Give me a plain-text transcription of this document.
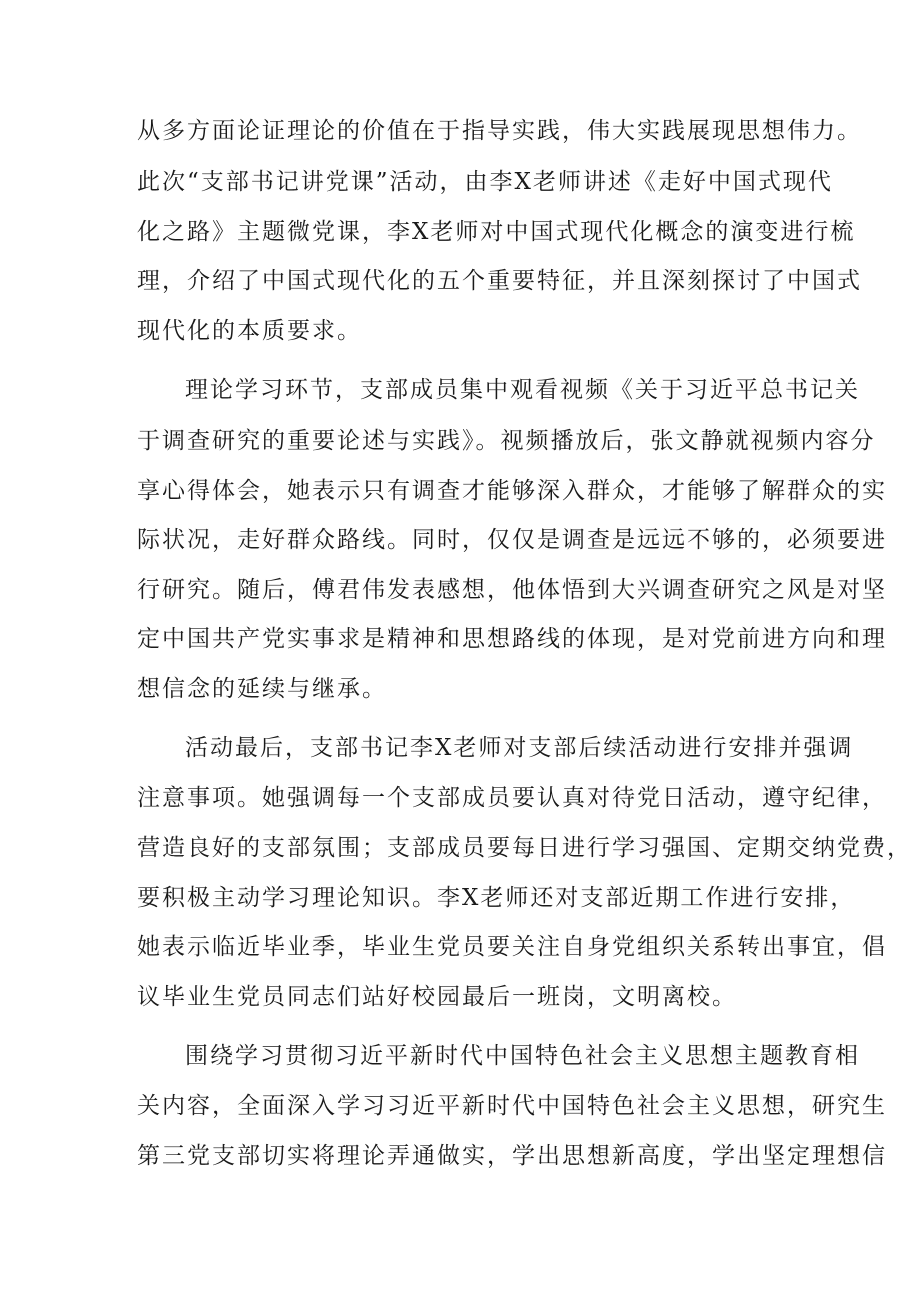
从多方面论证理论的价值在于指导实践，伟大实践展现思想伟力。
此次“支部书记讲党课”活动，由李X老师讲述《走好中国式现代
化之路》主题微党课，李X老师对中国式现代化概念的演变进行梳
理，介绍了中国式现代化的五个重要特征，并且深刻探讨了中国式
现代化的本质要求。
理论学习环节，支部成员集中观看视频《关于习近平总书记关
于调查研究的重要论述与实践》。视频播放后，张文静就视频内容分
享心得体会，她表示只有调查才能够深入群众，才能够了解群众的实
际状况，走好群众路线。同时，仅仅是调查是远远不够的，必须要进
行研究。随后，傅君伟发表感想，他体悟到大兴调查研究之风是对坚
定中国共产党实事求是精神和思想路线的体现，是对党前进方向和理
想信念的延续与继承。
活动最后，支部书记李X老师对支部后续活动进行安排并强调
注意事项。她强调每一个支部成员要认真对待党日活动，遵守纪律，
营造良好的支部氛围；支部成员要每日进行学习强国、定期交纳党费，
要积极主动学习理论知识。李X老师还对支部近期工作进行安排，
她表示临近毕业季，毕业生党员要关注自身党组织关系转出事宜，倡
议毕业生党员同志们站好校园最后一班岗，文明离校。
围绕学习贯彻习近平新时代中国特色社会主义思想主题教育相
关内容，全面深入学习习近平新时代中国特色社会主义思想，研究生
第三党支部切实将理论弄通做实，学出思想新高度，学出坚定理想信
